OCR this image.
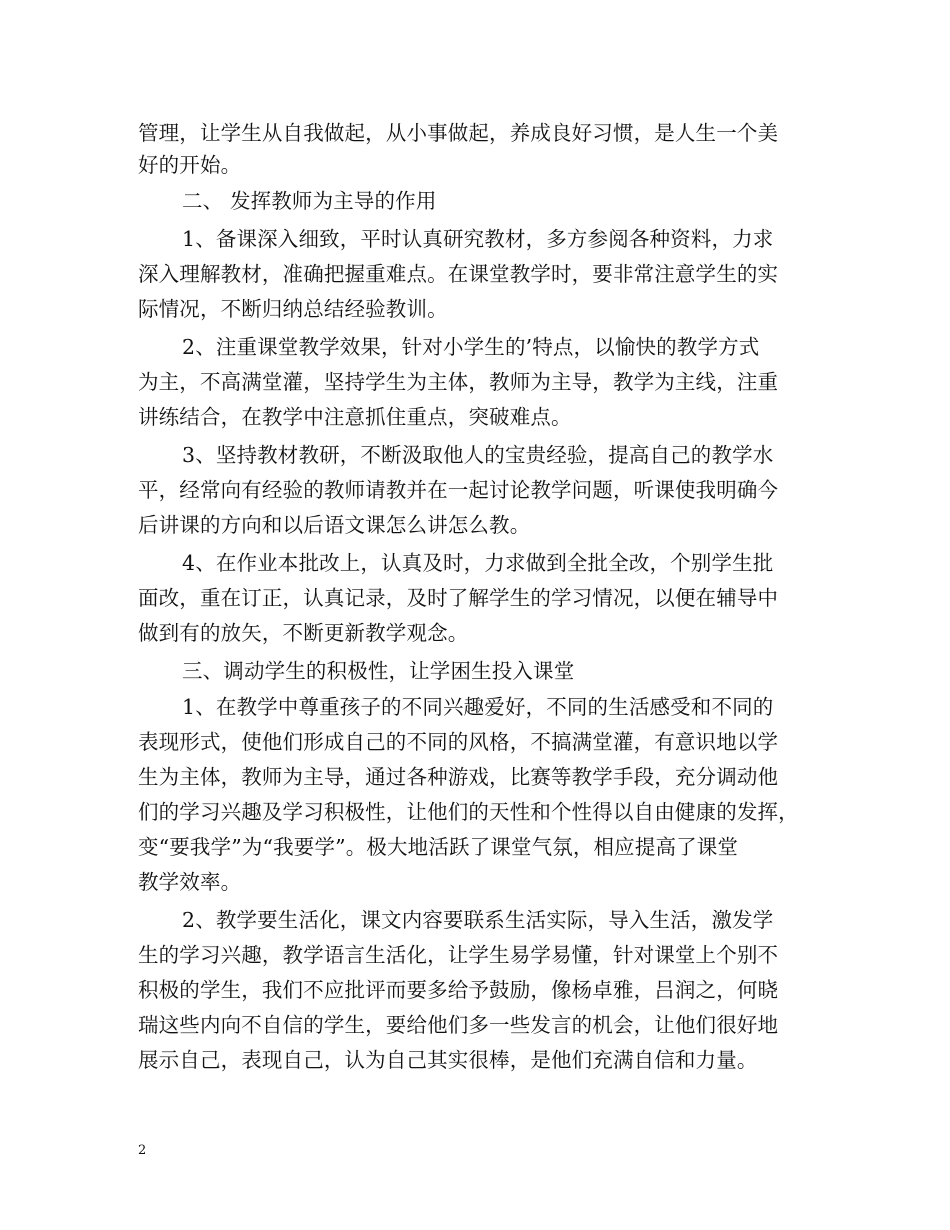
管理，让学生从自我做起，从小事做起，养成良好习惯，是人生一个美
好的开始。
二、 发挥教师为主导的作用
1、备课深入细致，平时认真研究教材，多方参阅各种资料，力求
深入理解教材，准确把握重难点。在课堂教学时，要非常注意学生的实
际情况，不断归纳总结经验教训。
2、注重课堂教学效果，针对小学生的’特点，以愉快的教学方式
为主，不高满堂灌，坚持学生为主体，教师为主导，教学为主线，注重
讲练结合，在教学中注意抓住重点，突破难点。
3、坚持教材教研，不断汲取他人的宝贵经验，提高自己的教学水
平，经常向有经验的教师请教并在一起讨论教学问题，听课使我明确今
后讲课的方向和以后语文课怎么讲怎么教。
4、在作业本批改上，认真及时，力求做到全批全改，个别学生批
面改，重在订正，认真记录，及时了解学生的学习情况，以便在辅导中
做到有的放矢，不断更新教学观念。
三、调动学生的积极性，让学困生投入课堂
1、在教学中尊重孩子的不同兴趣爱好，不同的生活感受和不同的
表现形式，使他们形成自己的不同的风格，不搞满堂灌，有意识地以学
生为主体，教师为主导，通过各种游戏，比赛等教学手段，充分调动他
们的学习兴趣及学习积极性，让他们的天性和个性得以自由健康的发挥，
变“要我学”为“我要学”。极大地活跃了课堂气氛，相应提高了课堂
教学效率。
2、教学要生活化，课文内容要联系生活实际，导入生活，激发学
生的学习兴趣，教学语言生活化，让学生易学易懂，针对课堂上个别不
积极的学生，我们不应批评而要多给予鼓励，像杨卓雅，吕润之，何晓
瑞这些内向不自信的学生，要给他们多一些发言的机会，让他们很好地
展示自己，表现自己，认为自己其实很棒，是他们充满自信和力量。
2
